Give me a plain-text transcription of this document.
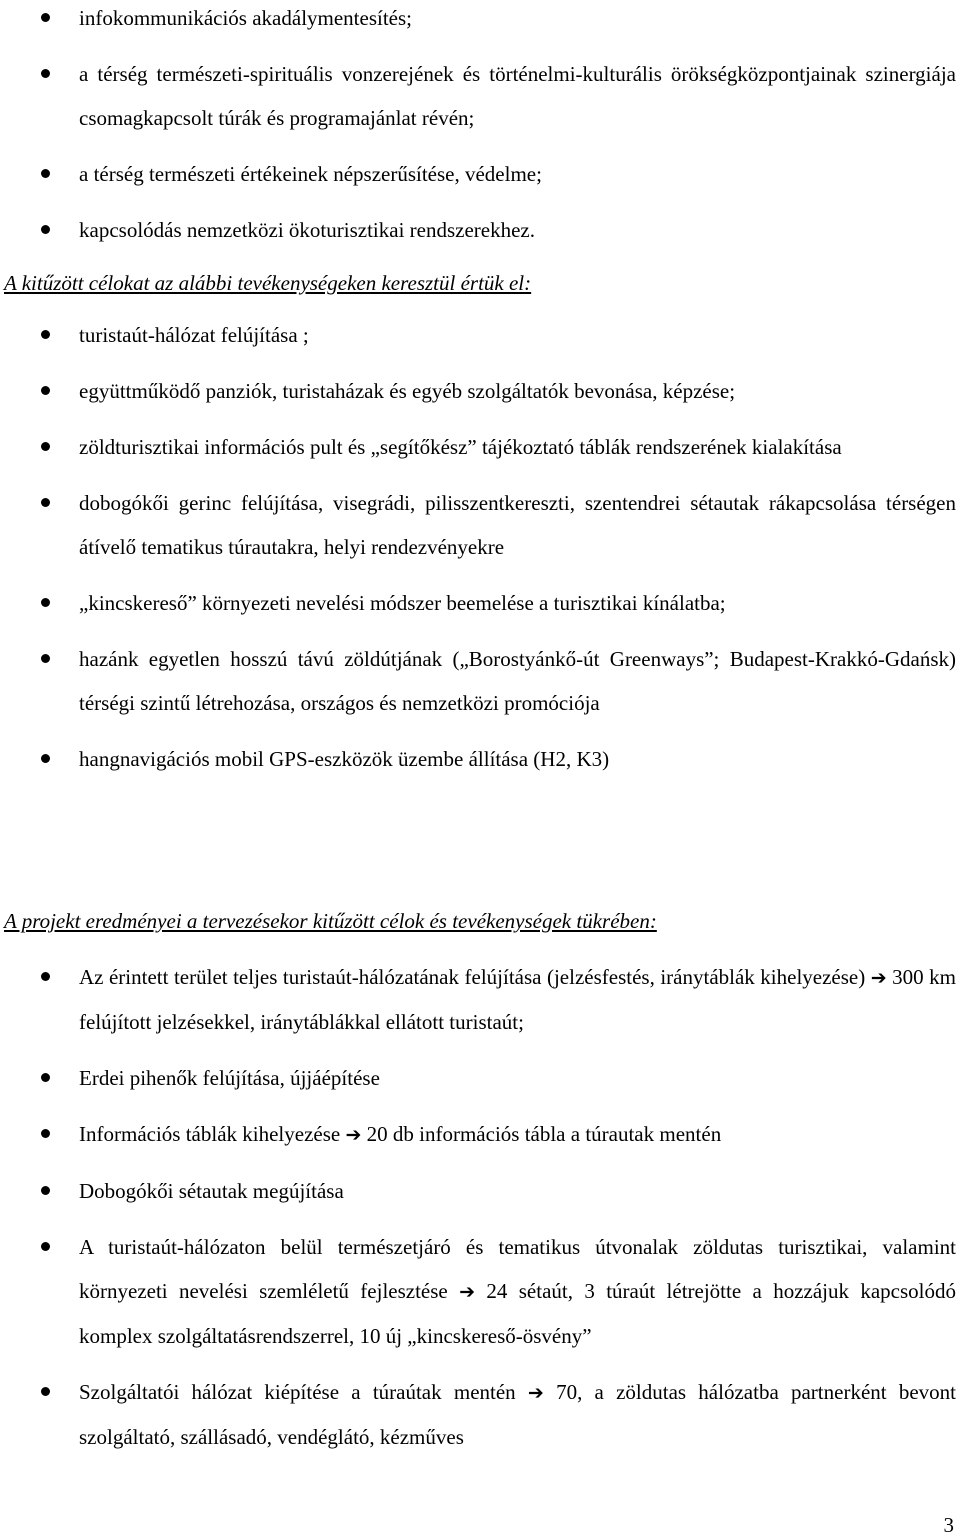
infokommunikációs akadálymentesítés;
a térség természeti-spirituális vonzerejének és történelmi-kulturális örökségközpontjainak szinergiája csomagkapcsolt túrák és programajánlat révén;
a térség természeti értékeinek népszerűsítése, védelme;
kapcsolódás nemzetközi ökoturisztikai rendszerekhez.
A kitűzött célokat az alábbi tevékenységeken keresztül értük el:
turistaút-hálózat felújítása ;
együttműködő panziók, turistaházak és egyéb szolgáltatók bevonása, képzése;
zöldturisztikai információs pult és „segítőkész” tájékoztató táblák rendszerének kialakítása
dobogókői gerinc felújítása, visegrádi, pilisszentkereszti, szentendrei sétautak rákapcsolása térségen átívelő tematikus túrautakra, helyi rendezvényekre
„kincskereső” környezeti nevelési módszer beemelése a turisztikai kínálatba;
hazánk egyetlen hosszú távú zöldútjának („Borostyánkő-út Greenways”; Budapest-Krakkó-Gdańsk) térségi szintű létrehozása, országos és nemzetközi promóciója
hangnavigációs mobil GPS-eszközök üzembe állítása (H2, K3)
A projekt eredményei a tervezésekor kitűzött célok és tevékenységek tükrében:
Az érintett terület teljes turistaút-hálózatának felújítása (jelzésfestés, iránytáblák kihelyezése) ➔ 300 km felújított jelzésekkel, iránytáblákkal ellátott turistaút;
Erdei pihenők felújítása, újjáépítése
Információs táblák kihelyezése ➔ 20 db információs tábla a túrautak mentén
Dobogókői sétautak megújítása
A turistaút-hálózaton belül természetjáró és tematikus útvonalak zöldutas turisztikai, valamint környezeti nevelési szemléletű fejlesztése ➔ 24 sétaút, 3 túraút létrejötte a hozzájuk kapcsolódó komplex szolgáltatásrendszerrel, 10 új „kincskereső-ösvény”
Szolgáltatói hálózat kiépítése a túraútak mentén ➔ 70, a zöldutas hálózatba partnerként bevont szolgáltató, szállásadó, vendéglátó, kézműves
3
